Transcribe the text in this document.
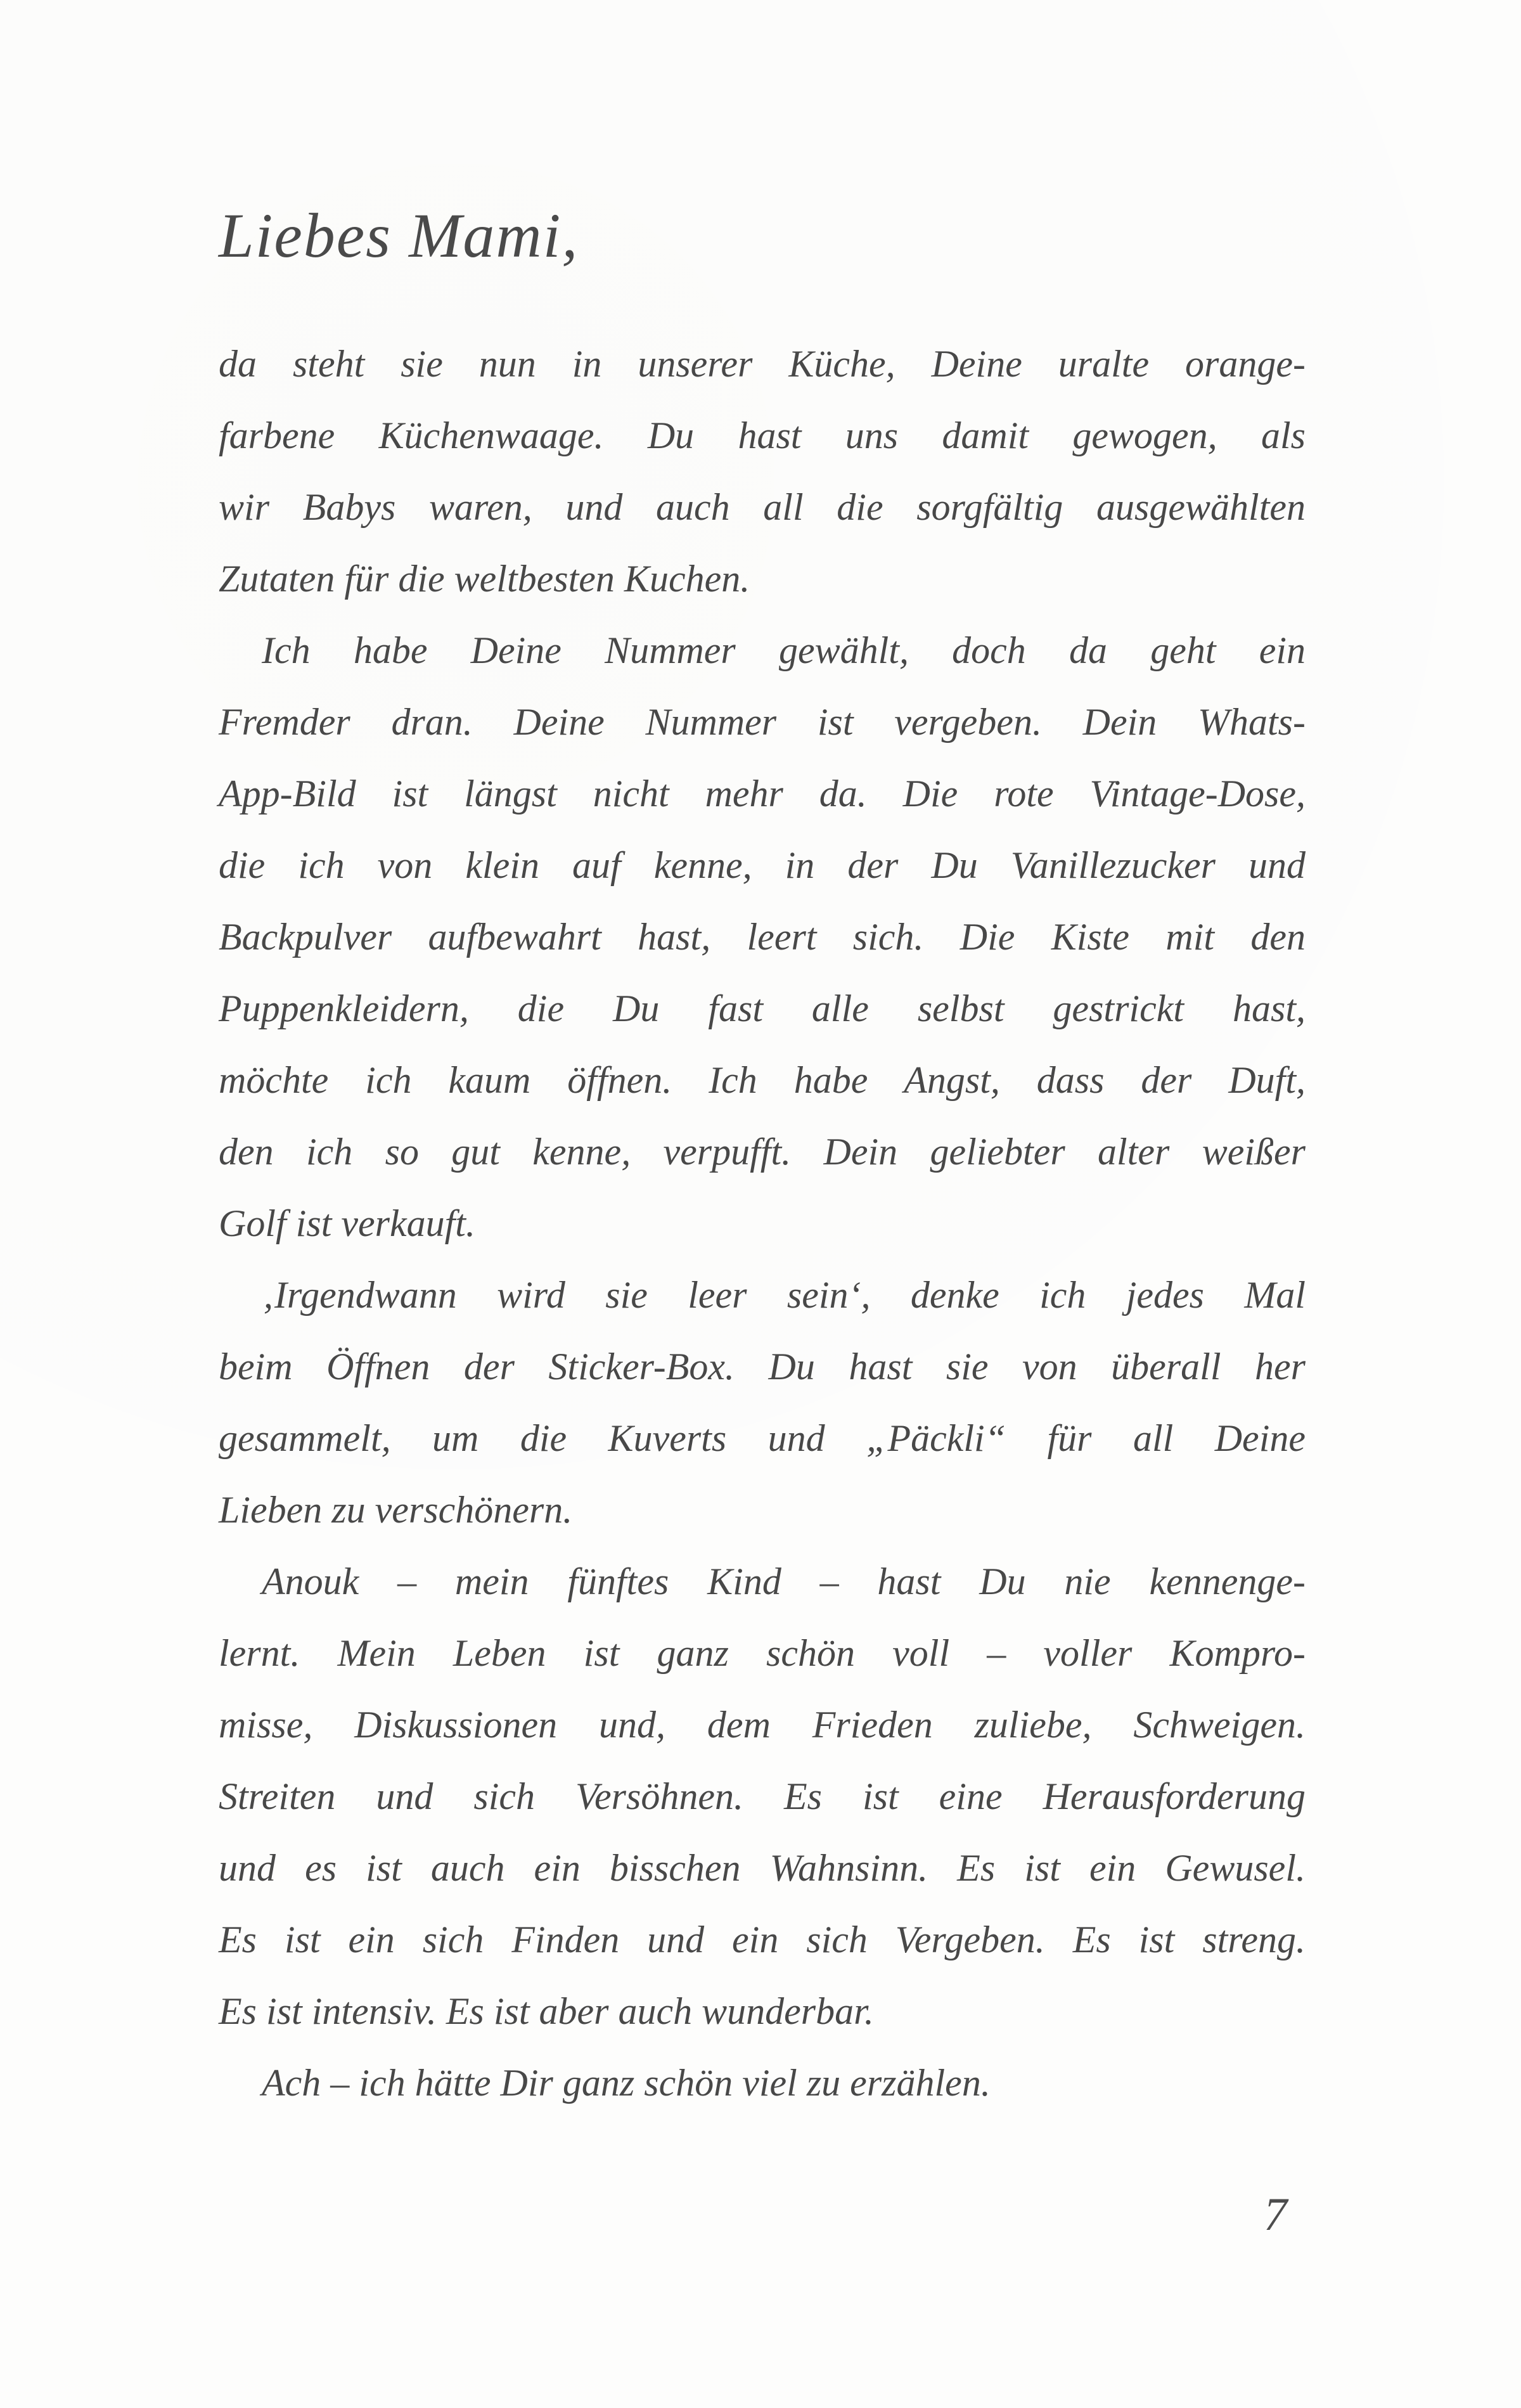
Liebes Mami,
da steht sie nun in unserer Küche, Deine uralte orange-
farbene Küchenwaage. Du hast uns damit gewogen, als
wir Babys waren, und auch all die sorgfältig ausgewählten
Zutaten für die weltbesten Kuchen.
Ich habe Deine Nummer gewählt, doch da geht ein
Fremder dran. Deine Nummer ist vergeben. Dein Whats-
App-Bild ist längst nicht mehr da. Die rote Vintage-Dose,
die ich von klein auf kenne, in der Du Vanillezucker und
Backpulver aufbewahrt hast, leert sich. Die Kiste mit den
Puppenkleidern, die Du fast alle selbst gestrickt hast,
möchte ich kaum öffnen. Ich habe Angst, dass der Duft,
den ich so gut kenne, verpufft. Dein geliebter alter weißer
Golf ist verkauft.
‚Irgendwann wird sie leer sein‘, denke ich jedes Mal
beim Öffnen der Sticker-Box. Du hast sie von überall her
gesammelt, um die Kuverts und „Päckli“ für all Deine
Lieben zu verschönern.
Anouk – mein fünftes Kind – hast Du nie kennenge-
lernt. Mein Leben ist ganz schön voll – voller Kompro-
misse, Diskussionen und, dem Frieden zuliebe, Schweigen.
Streiten und sich Versöhnen. Es ist eine Herausforderung
und es ist auch ein bisschen Wahnsinn. Es ist ein Gewusel.
Es ist ein sich Finden und ein sich Vergeben. Es ist streng.
Es ist intensiv. Es ist aber auch wunderbar.
Ach – ich hätte Dir ganz schön viel zu erzählen.
7
